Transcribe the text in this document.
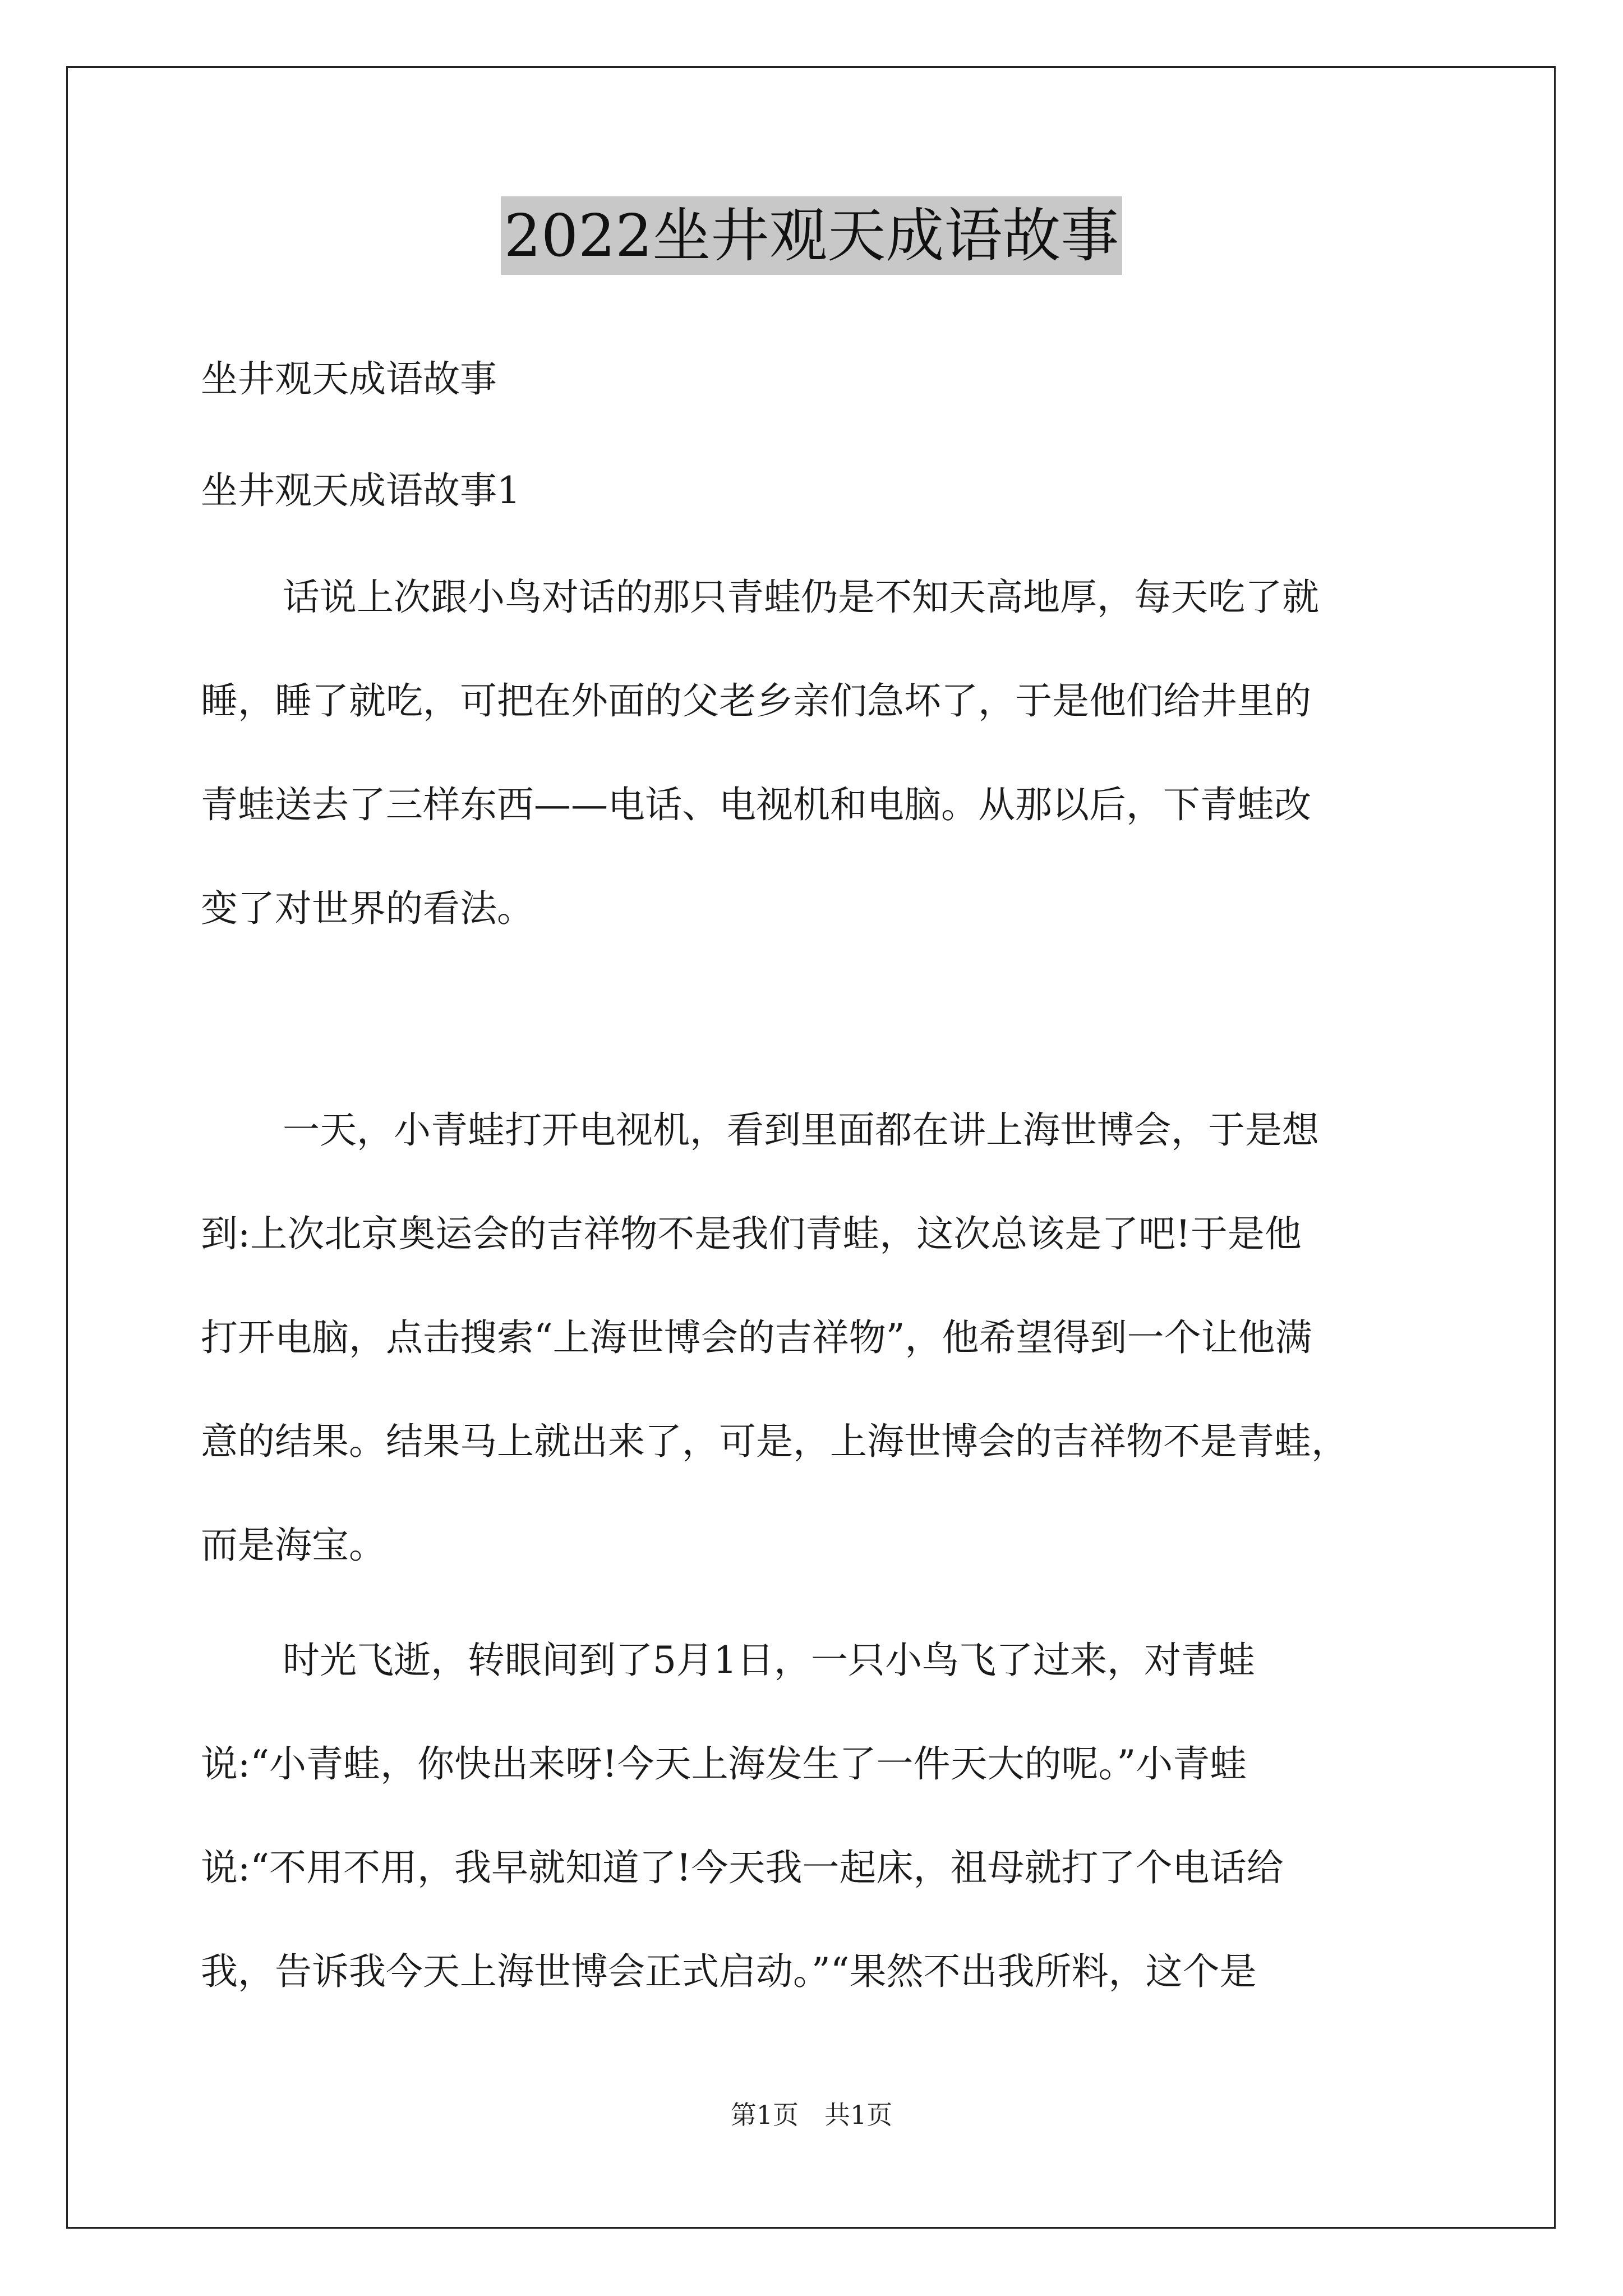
2022坐井观天成语故事
坐井观天成语故事
坐井观天成语故事1
话说上次跟小鸟对话的那只青蛙仍是不知天高地厚，每天吃了就
睡，睡了就吃，可把在外面的父老乡亲们急坏了，于是他们给井里的
青蛙送去了三样东西——电话、电视机和电脑。从那以后，下青蛙改
变了对世界的看法。
一天，小青蛙打开电视机，看到里面都在讲上海世博会，于是想
到:上次北京奥运会的吉祥物不是我们青蛙，这次总该是了吧!于是他
打开电脑，点击搜索“上海世博会的吉祥物”，他希望得到一个让他满
意的结果。结果马上就出来了，可是，上海世博会的吉祥物不是青蛙，
而是海宝。
时光飞逝，转眼间到了5月1日，一只小鸟飞了过来，对青蛙
说:“小青蛙，你快出来呀!今天上海发生了一件天大的呢。”小青蛙
说:“不用不用，我早就知道了!今天我一起床，祖母就打了个电话给
我，告诉我今天上海世博会正式启动。”“果然不出我所料，这个是
第1页　共1页
